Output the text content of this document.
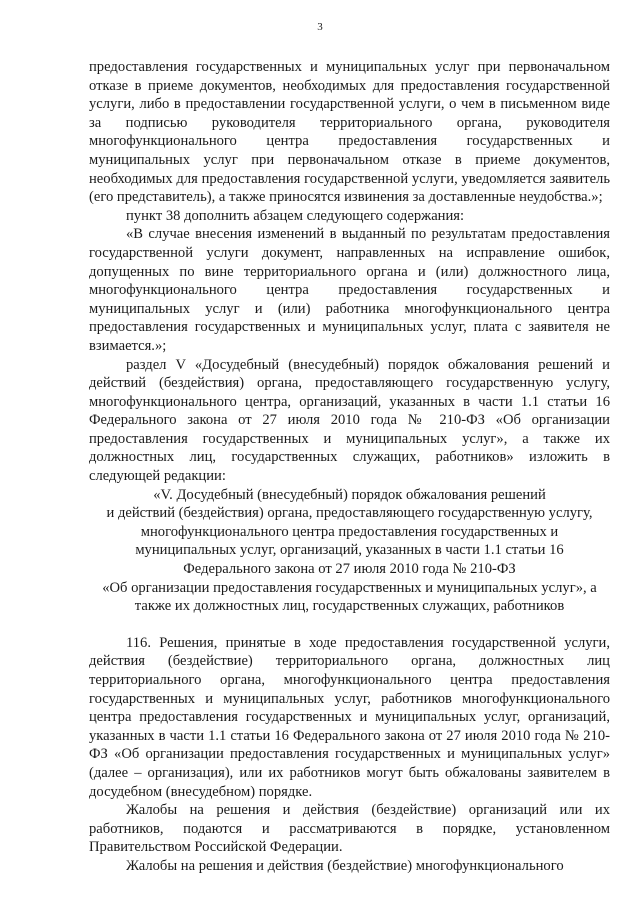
3

предоставления государственных и муниципальных услуг при первоначальном отказе в приеме документов, необходимых для предоставления государственной услуги, либо в предоставлении государственной услуги, о чем в письменном виде за подписью руководителя территориального органа, руководителя многофункционального центра предоставления государственных и муниципальных услуг при первоначальном отказе в приеме документов, необходимых для предоставления государственной услуги, уведомляется заявитель (его представитель), а также приносятся извинения за доставленные неудобства.»;

пункт 38 дополнить абзацем следующего содержания:

«В случае внесения изменений в выданный по результатам предоставления государственной услуги документ, направленных на исправление ошибок, допущенных по вине территориального органа и (или) должностного лица, многофункционального центра предоставления государственных и муниципальных услуг и (или) работника многофункционального центра предоставления государственных и муниципальных услуг, плата с заявителя не взимается.»;

раздел V «Досудебный (внесудебный) порядок обжалования решений и действий (бездействия) органа, предоставляющего государственную услугу, многофункционального центра, организаций, указанных в части 1.1 статьи 16 Федерального закона от 27 июля 2010 года № 210-ФЗ «Об организации предоставления государственных и муниципальных услуг», а также их должностных лиц, государственных служащих, работников» изложить в следующей редакции:

«V. Досудебный (внесудебный) порядок обжалования решений
и действий (бездействия) органа, предоставляющего государственную услугу,
многофункционального центра предоставления государственных и
муниципальных услуг, организаций, указанных в части 1.1 статьи 16
Федерального закона от 27 июля 2010 года № 210-ФЗ
«Об организации предоставления государственных и муниципальных услуг», а
также их должностных лиц, государственных служащих, работников

116. Решения, принятые в ходе предоставления государственной услуги, действия (бездействие) территориального органа, должностных лиц территориального органа, многофункционального центра предоставления государственных и муниципальных услуг, работников многофункционального центра предоставления государственных и муниципальных услуг, организаций, указанных в части 1.1 статьи 16 Федерального закона от 27 июля 2010 года № 210-ФЗ «Об организации предоставления государственных и муниципальных услуг» (далее – организация), или их работников могут быть обжалованы заявителем в досудебном (внесудебном) порядке.

Жалобы на решения и действия (бездействие) организаций или их работников, подаются и рассматриваются в порядке, установленном Правительством Российской Федерации.

Жалобы на решения и действия (бездействие) многофункционального
